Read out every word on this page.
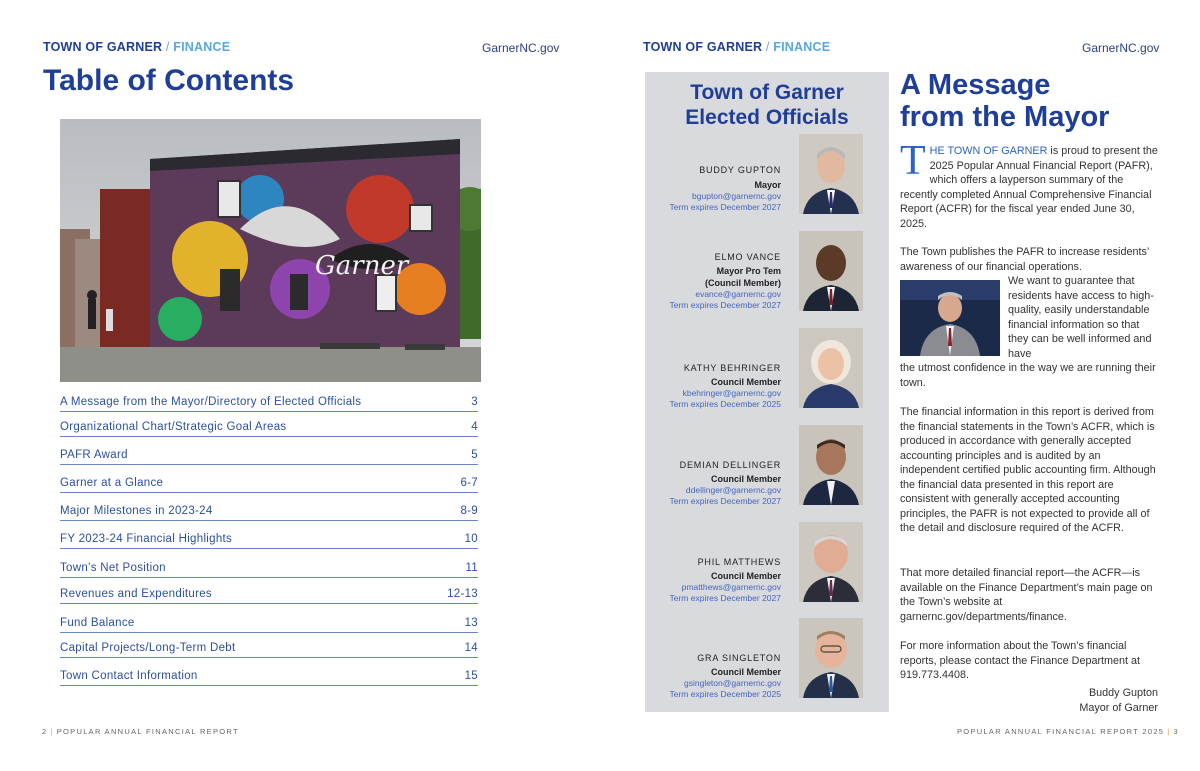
TOWN OF GARNER / FINANCE	GarnerNC.gov
Table of Contents
Garner
A Message from the Mayor/Directory of Elected Officials	3
Organizational Chart/Strategic Goal Areas	4
PAFR Award	5
Garner at a Glance	6-7
Major Milestones in 2023-24	8-9
FY 2023-24 Financial Highlights	10
Town’s Net Position	11
Revenues and Expenditures	12-13
Fund Balance	13
Capital Projects/Long-Term Debt	14
Town Contact Information	15
2 | POPULAR ANNUAL FINANCIAL REPORT
TOWN OF GARNER / FINANCE	GarnerNC.gov
Town of Garner
Elected Officials
BUDDY GUPTON
Mayor
bgupton@garnernc.gov
Term expires December 2027
ELMO VANCE
Mayor Pro Tem
(Council Member)
evance@garnernc.gov
Term expires December 2027
KATHY BEHRINGER
Council Member
kbehringer@garnernc.gov
Term expires December 2025
DEMIAN DELLINGER
Council Member
ddellinger@garnernc.gov
Term expires December 2027
PHIL MATTHEWS
Council Member
pmatthews@garnernc.gov
Term expires December 2027
GRA SINGLETON
Council Member
gsingleton@garnernc.gov
Term expires December 2025
A Message
from the Mayor
THE TOWN OF GARNER is proud to present the 2025 Popular Annual Financial Report (PAFR), which offers a layperson summary of the recently completed Annual Comprehensive Financial Report (ACFR) for the fiscal year ended June 30, 2025.
The Town publishes the PAFR to increase residents’ awareness of our financial operations.
We want to guarantee that residents have access to high-quality, easily understandable financial information so that they can be well informed and have
the utmost confidence in the way we are running their town.
The financial information in this report is derived from the financial statements in the Town’s ACFR, which is produced in accordance with generally accepted accounting principles and is audited by an independent certified public accounting firm. Although the financial data presented in this report are consistent with generally accepted accounting principles, the PAFR is not expected to provide all of the detail and disclosure required of the ACFR.
That more detailed financial report—the ACFR—is available on the Finance Department’s main page on the Town’s website at garnernc.gov/departments/finance.
For more information about the Town’s financial reports, please contact the Finance Department at 919.773.4408.
Buddy Gupton
Mayor of Garner
POPULAR ANNUAL FINANCIAL REPORT 2025 | 3
